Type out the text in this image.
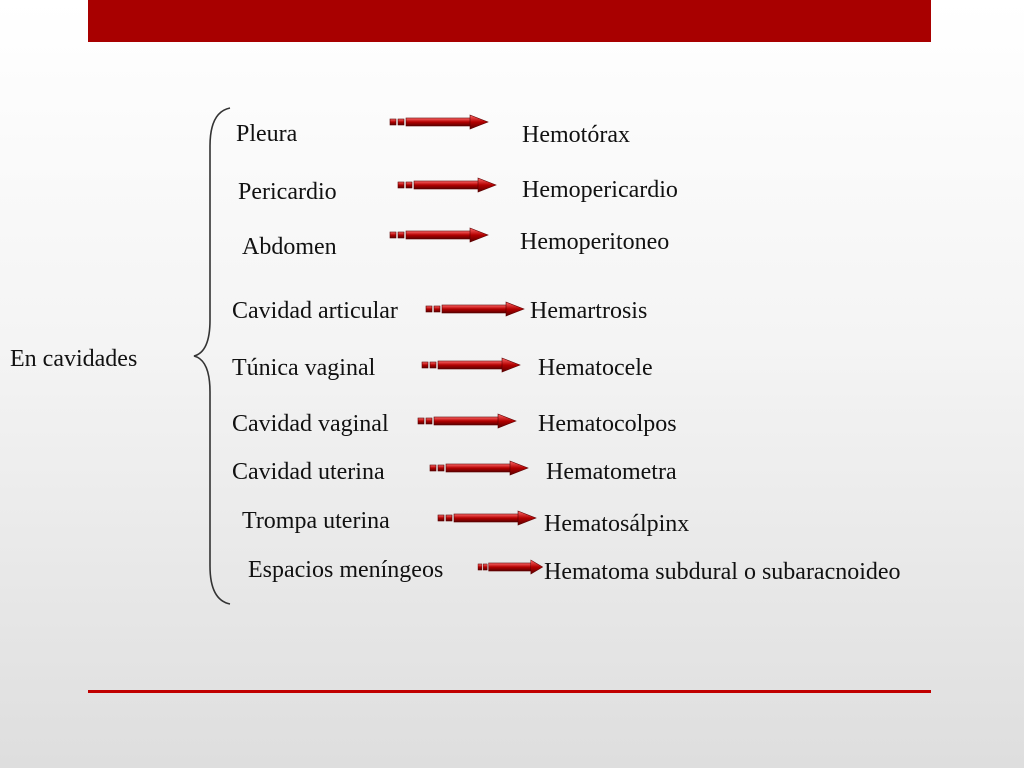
En cavidades
Pleura	Hemotórax
Pericardio	Hemopericardio
Abdomen	Hemoperitoneo
Cavidad articular	Hemartrosis
Túnica vaginal	Hematocele
Cavidad vaginal	Hematocolpos
Cavidad uterina	Hematometra
Trompa uterina	Hematosálpinx
Espacios meníngeos	Hematoma subdural o subaracnoideo
